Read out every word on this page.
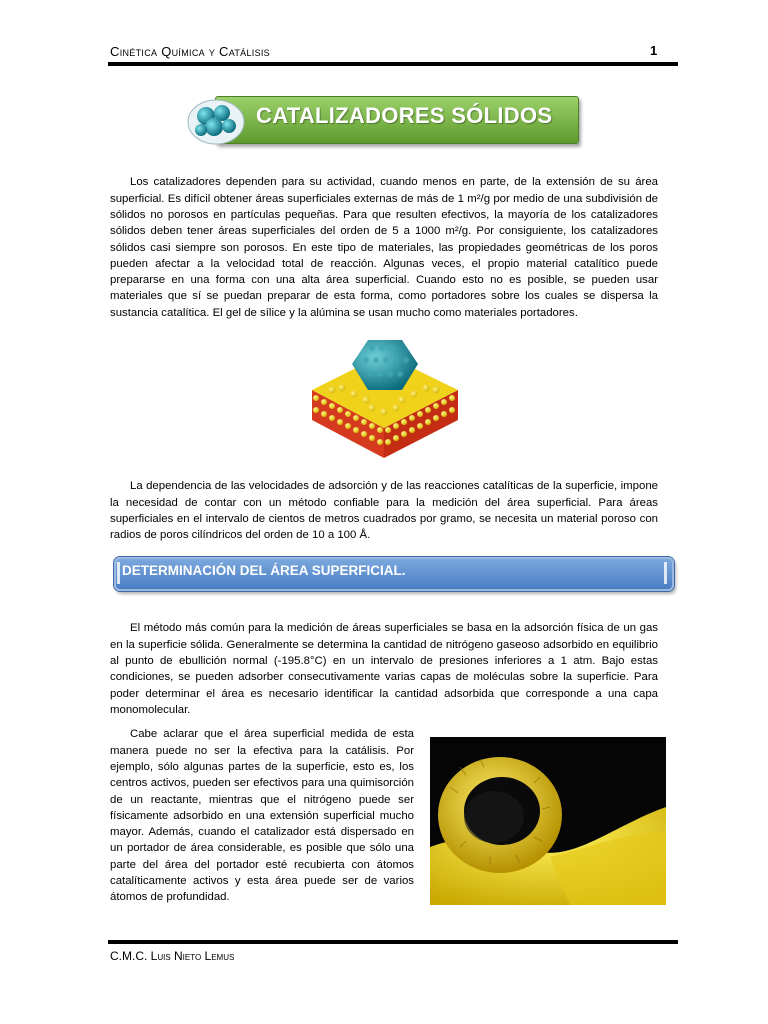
Cinética Química y Catálisis	1
CATALIZADORES SÓLIDOS

Los catalizadores dependen para su actividad, cuando menos en parte, de la extensión de su área superficial. Es difícil obtener áreas superficiales externas de más de 1 m²/g por medio de una subdivisión de sólidos no porosos en partículas pequeñas. Para que resulten efectivos, la mayoría de los catalizadores sólidos deben tener áreas superficiales del orden de 5 a 1000 m²/g. Por consiguiente, los catalizadores sólidos casi siempre son porosos. En este tipo de materiales, las propiedades geométricas de los poros pueden afectar a la velocidad total de reacción. Algunas veces, el propio material catalítico puede prepararse en una forma con una alta área superficial. Cuando esto no es posible, se pueden usar materiales que sí se puedan preparar de esta forma, como portadores sobre los cuales se dispersa la sustancia catalítica. El gel de sílice y la alúmina se usan mucho como materiales portadores.

La dependencia de las velocidades de adsorción y de las reacciones catalíticas de la superficie, impone la necesidad de contar con un método confiable para la medición del área superficial. Para áreas superficiales en el intervalo de cientos de metros cuadrados por gramo, se necesita un material poroso con radios de poros cilíndricos del orden de 10 a 100 Å.

DETERMINACIÓN DEL ÁREA SUPERFICIAL.

El método más común para la medición de áreas superficiales se basa en la adsorción física de un gas en la superficie sólida. Generalmente se determina la cantidad de nitrógeno gaseoso adsorbido en equilibrio al punto de ebullición normal (-195.8°C) en un intervalo de presiones inferiores a 1 atm. Bajo estas condiciones, se pueden adsorber consecutivamente varias capas de moléculas sobre la superficie. Para poder determinar el área es necesario identificar la cantidad adsorbida que corresponde a una capa monomolecular.

Cabe aclarar que el área superficial medida de esta manera puede no ser la efectiva para la catálisis. Por ejemplo, sólo algunas partes de la superficie, esto es, los centros activos, pueden ser efectivos para una quimisorción de un reactante, mientras que el nitrógeno puede ser físicamente adsorbido en una extensión superficial mucho mayor. Además, cuando el catalizador está dispersado en un portador de área considerable, es posible que sólo una parte del área del portador esté recubierta con átomos catalíticamente activos y esta área puede ser de varios átomos de profundidad.

C.M.C. Luis Nieto Lemus
